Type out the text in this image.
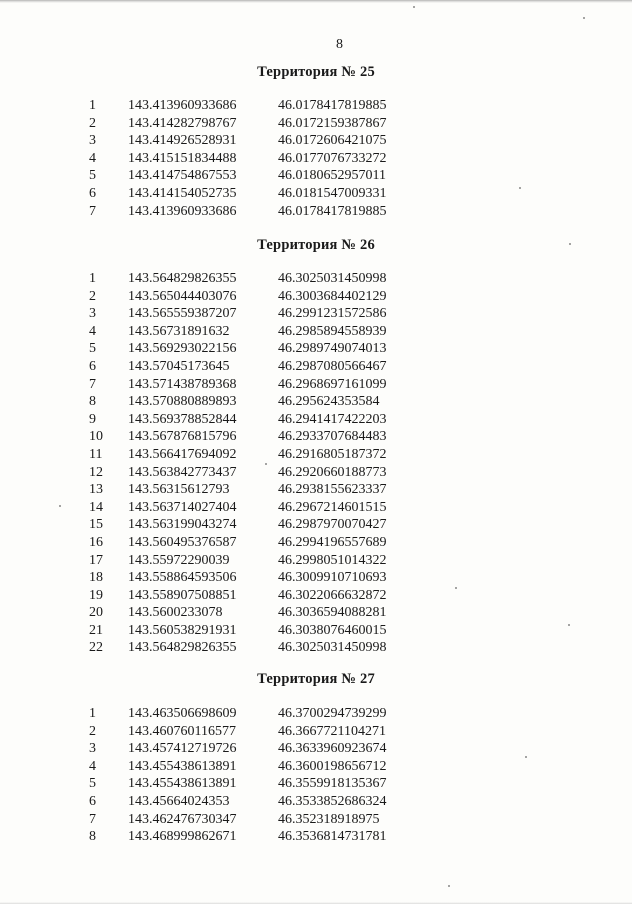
8
Территория № 25
1 143.413960933686	46.0178417819885
2 143.414282798767	46.0172159387867
3 143.414926528931	46.0172606421075
4 143.415151834488	46.0177076733272
5 143.414754867553	46.0180652957011
6 143.414154052735	46.0181547009331
7 143.413960933686	46.0178417819885
Территория № 26
1 143.564829826355	46.3025031450998
2 143.565044403076	46.3003684402129
3 143.565559387207	46.2991231572586
4 143.56731891632	46.2985894558939
5 143.569293022156	46.2989749074013
6 143.57045173645	46.2987080566467
7 143.571438789368	46.2968697161099
8 143.570880889893	46.295624353584
9 143.569378852844	46.2941417422203
10 143.567876815796	46.2933707684483
11 143.566417694092	46.2916805187372
12 143.563842773437	46.2920660188773
13 143.56315612793	46.2938155623337
14 143.563714027404	46.2967214601515
15 143.563199043274	46.2987970070427
16 143.560495376587	46.2994196557689
17 143.55972290039	46.2998051014322
18 143.558864593506	46.3009910710693
19 143.558907508851	46.3022066632872
20 143.5600233078	46.3036594088281
21 143.560538291931	46.3038076460015
22 143.564829826355	46.3025031450998
Территория № 27
1 143.463506698609	46.3700294739299
2 143.460760116577	46.3667721104271
3 143.457412719726	46.3633960923674
4 143.455438613891	46.3600198656712
5 143.455438613891	46.3559918135367
6 143.45664024353	46.3533852686324
7 143.462476730347	46.352318918975
8 143.468999862671	46.3536814731781
